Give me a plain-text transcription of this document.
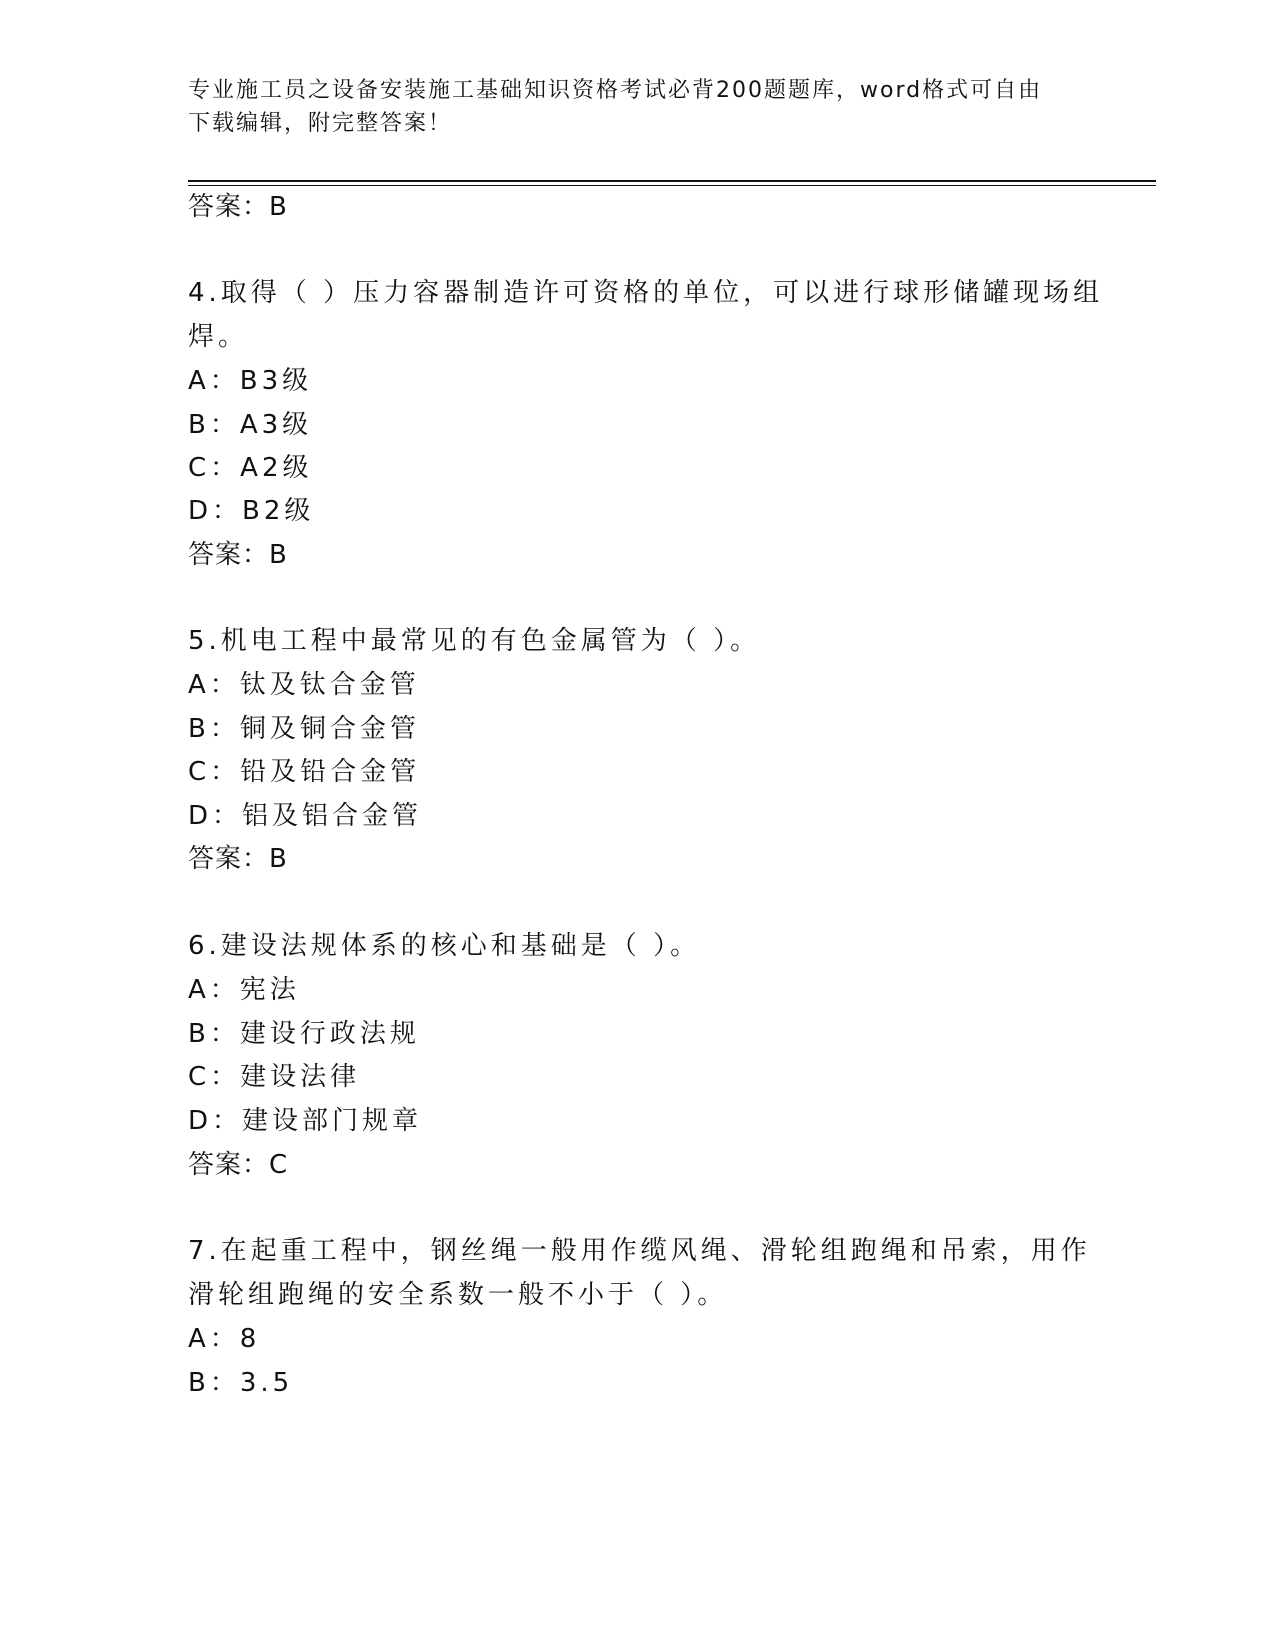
专业施工员之设备安装施工基础知识资格考试必背200题题库，word格式可自由
下载编辑，附完整答案！
答案：B
4.取得（ ）压力容器制造许可资格的单位，可以进行球形储罐现场组
焊。
A：B3级
B：A3级
C：A2级
D：B2级
答案：B
5.机电工程中最常见的有色金属管为（ ）。
A：钛及钛合金管
B：铜及铜合金管
C：铅及铅合金管
D：铝及铝合金管
答案：B
6.建设法规体系的核心和基础是（ ）。
A：宪法
B：建设行政法规
C：建设法律
D：建设部门规章
答案：C
7.在起重工程中，钢丝绳一般用作缆风绳、滑轮组跑绳和吊索，用作
滑轮组跑绳的安全系数一般不小于（ ）。
A：8
B：3.5
